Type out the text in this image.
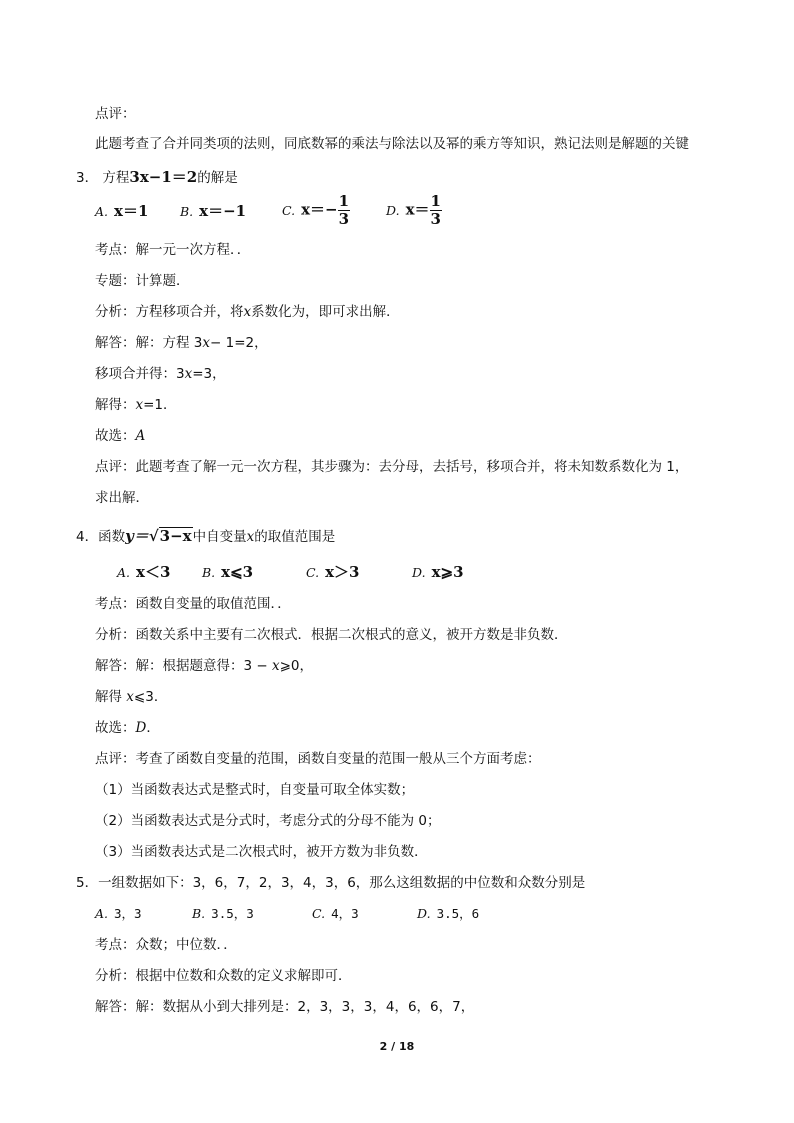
点评：
此题考查了合并同类项的法则，同底数幂的乘法与除法以及幂的乘方等知识，熟记法则是解题的关键
3． 方程3x−1＝2的解是
A. x＝1	B. x＝−1	C. $x=- \frac{1}{3}$	D. $x= \frac{1}{3}$
考点：解一元一次方程．．
专题：计算题．
分析：方程移项合并，将x系数化为，即可求出解．
解答：解：方程 3x− 1=2，
移项合并得：3x=3，
解得：x=1．
故选：A
点评：此题考查了解一元一次方程，其步骤为：去分母，去括号，移项合并，将未知数系数化为 1，
求出解．
4．函数y＝√3−x中自变量x的取值范围是
A. x＜3	B. x⩽3	C. x＞3	D. x⩾3
考点：函数自变量的取值范围．．
分析：函数关系中主要有二次根式．根据二次根式的意义，被开方数是非负数．
解答：解：根据题意得：3 − x⩾0，
解得 x⩽3．
故选：D．
点评：考查了函数自变量的范围，函数自变量的范围一般从三个方面考虑：
（1）当函数表达式是整式时，自变量可取全体实数；
（2）当函数表达式是分式时，考虑分式的分母不能为 0；
（3）当函数表达式是二次根式时，被开方数为非负数．
5．一组数据如下：3，6，7，2，3，4，3，6，那么这组数据的中位数和众数分别是
A. 3，3	B. 3.5，3	C. 4，3	D. 3.5，6
考点：众数；中位数．．
分析：根据中位数和众数的定义求解即可．
解答：解：数据从小到大排列是：2，3，3，3，4，6，6，7，
2 / 18
